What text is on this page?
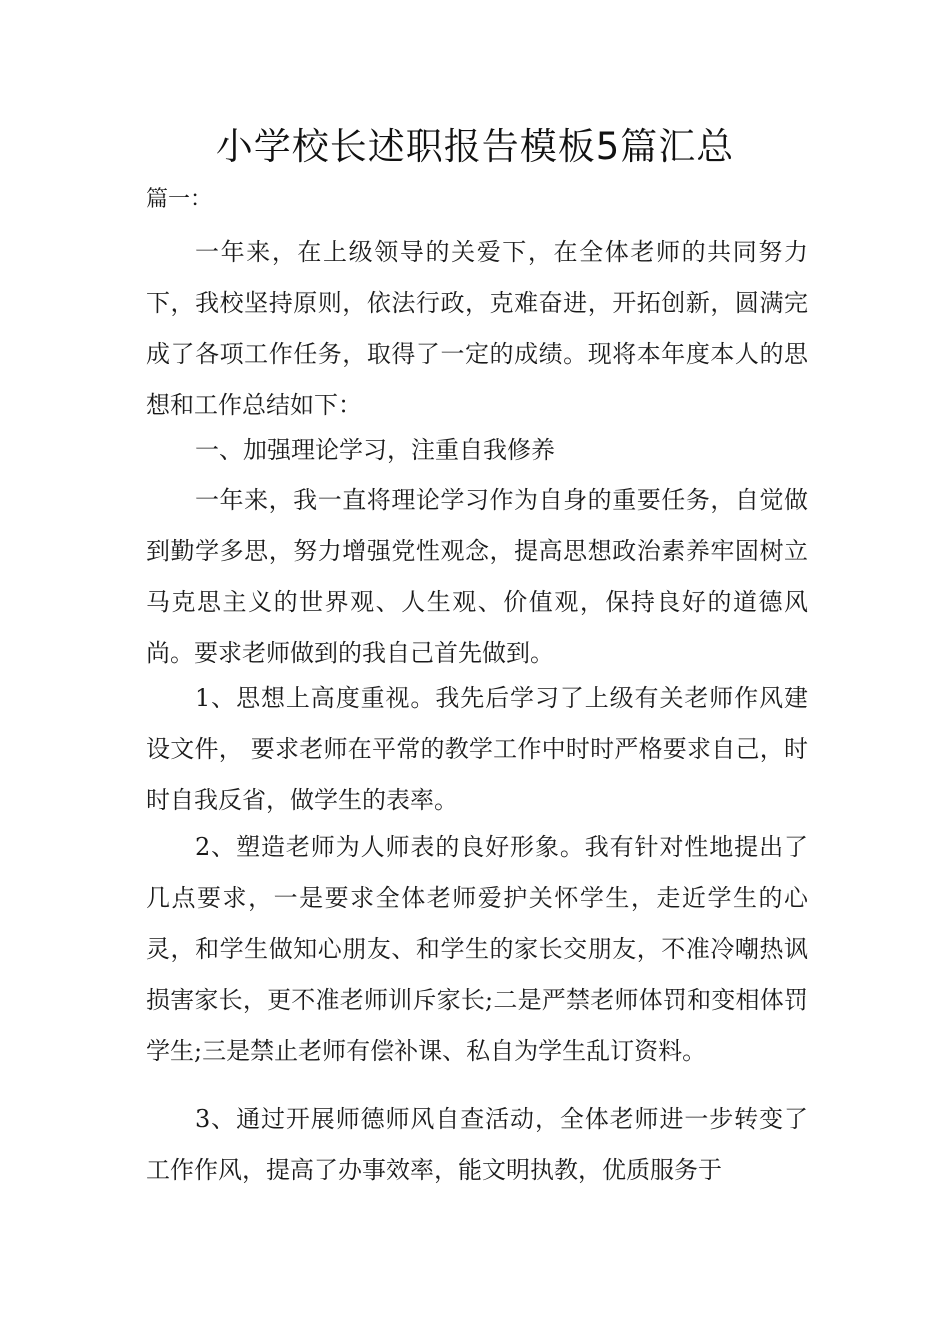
小学校长述职报告模板5篇汇总
篇一：

一年来，在上级领导的关爱下，在全体老师的共同努力下，我校坚持原则，依法行政，克难奋进，开拓创新，圆满完成了各项工作任务，取得了一定的成绩。现将本年度本人的思想和工作总结如下：

一、加强理论学习，注重自我修养

一年来，我一直将理论学习作为自身的重要任务，自觉做到勤学多思，努力增强党性观念，提高思想政治素养牢固树立马克思主义的世界观、人生观、价值观，保持良好的道德风尚。要求老师做到的我自己首先做到。

1、思想上高度重视。我先后学习了上级有关老师作风建设文件， 要求老师在平常的教学工作中时时严格要求自己，时时自我反省，做学生的表率。

2、塑造老师为人师表的良好形象。我有针对性地提出了几点要求，一是要求全体老师爱护关怀学生，走近学生的心灵，和学生做知心朋友、和学生的家长交朋友，不准冷嘲热讽损害家长，更不准老师训斥家长;二是严禁老师体罚和变相体罚学生;三是禁止老师有偿补课、私自为学生乱订资料。

3、通过开展师德师风自查活动，全体老师进一步转变了工作作风，提高了办事效率，能文明执教，优质服务于
